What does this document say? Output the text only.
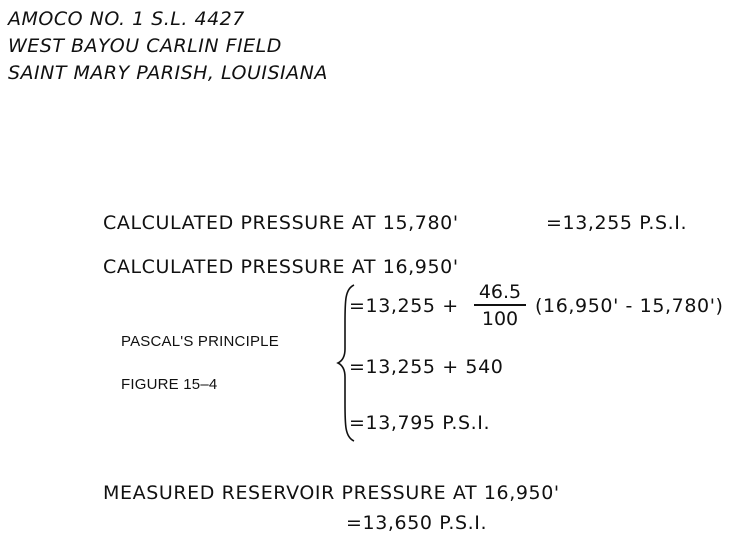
AMOCO NO. 1 S.L. 4427
WEST BAYOU CARLIN FIELD
SAINT MARY PARISH, LOUISIANA
CALCULATED PRESSURE AT 15,780'	=13,255 P.S.I.
CALCULATED PRESSURE AT 16,950'
=13,255 +
46.5
100
(16,950' - 15,780')
PASCAL'S PRINCIPLE
FIGURE 15–4
=13,255 + 540
=13,795 P.S.I.
MEASURED RESERVOIR PRESSURE AT 16,950'
=13,650 P.S.I.
